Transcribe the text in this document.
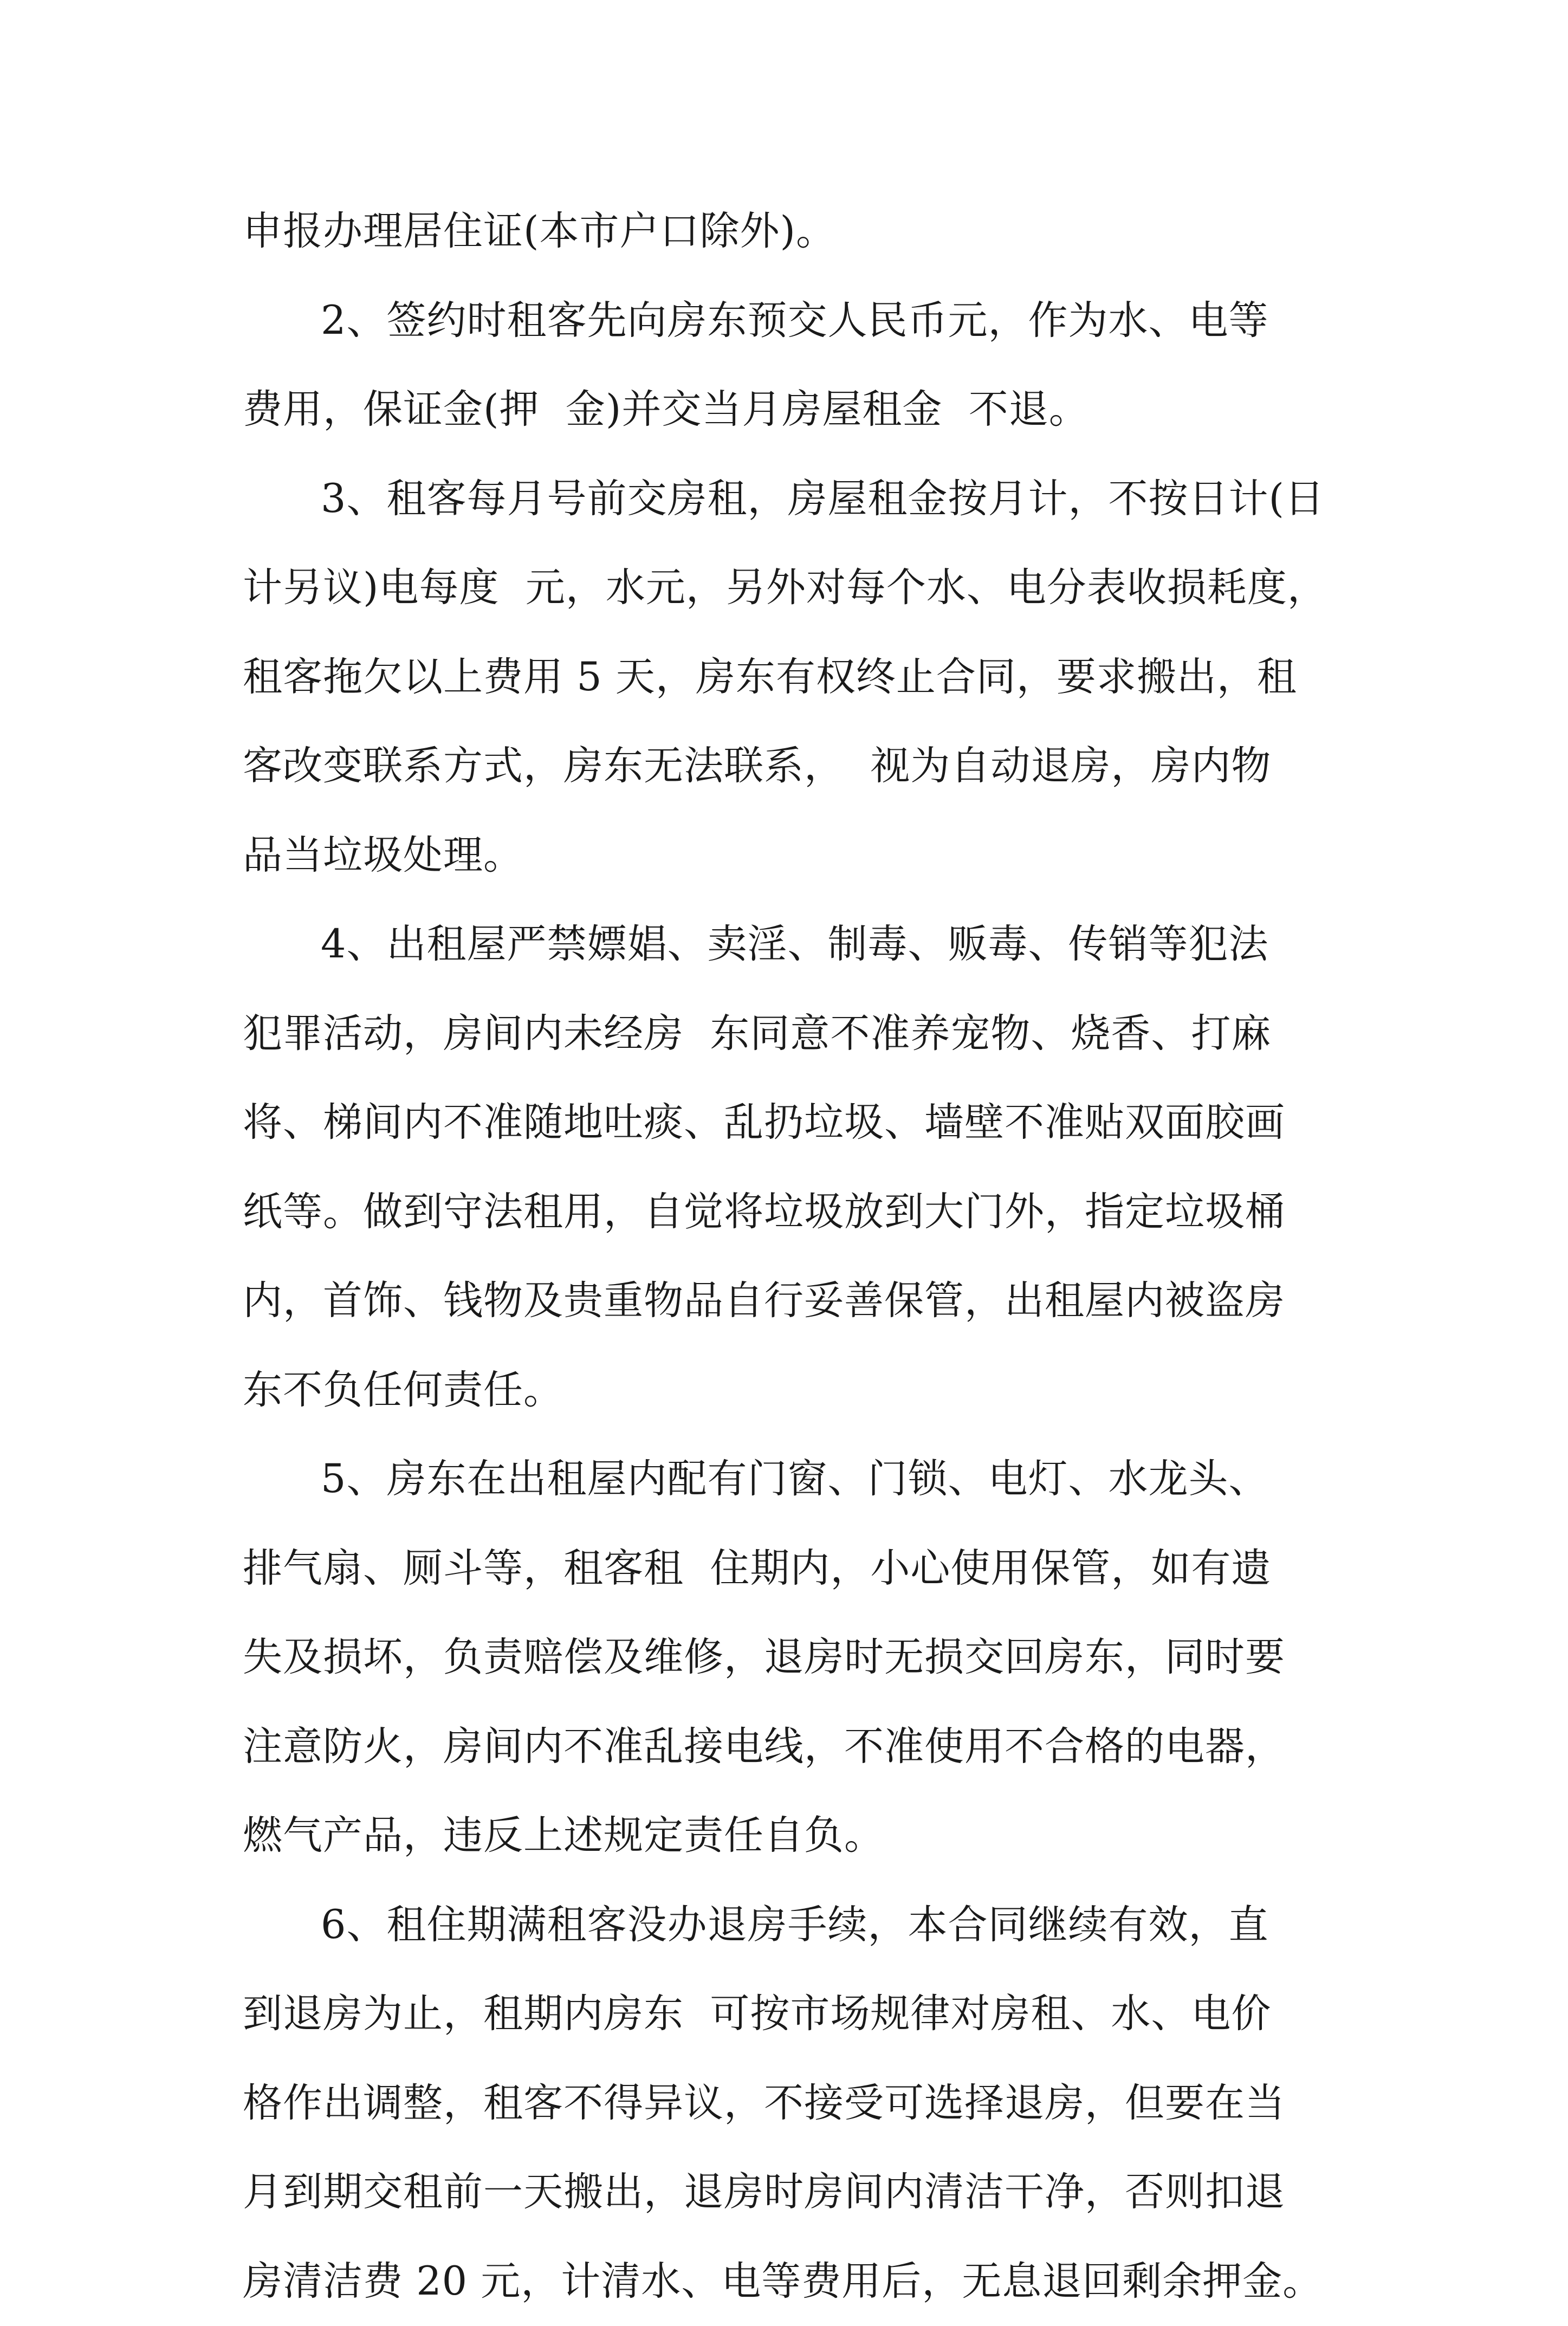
申报办理居住证(本市户口除外)。
2、签约时租客先向房东预交人民币元，作为水、电等
费用，保证金(押  金)并交当月房屋租金  不退。
3、租客每月号前交房租，房屋租金按月计，不按日计(日
计另议)电每度  元，水元，另外对每个水、电分表收损耗度，
租客拖欠以上费用 5 天，房东有权终止合同，要求搬出，租
客改变联系方式，房东无法联系，  视为自动退房，房内物
品当垃圾处理。
4、出租屋严禁嫖娼、卖淫、制毒、贩毒、传销等犯法
犯罪活动，房间内未经房  东同意不准养宠物、烧香、打麻
将、梯间内不准随地吐痰、乱扔垃圾、墙壁不准贴双面胶画
纸等。做到守法租用，自觉将垃圾放到大门外，指定垃圾桶
内，首饰、钱物及贵重物品自行妥善保管，出租屋内被盗房
东不负任何责任。
5、房东在出租屋内配有门窗、门锁、电灯、水龙头、
排气扇、厕斗等，租客租  住期内，小心使用保管，如有遗
失及损坏，负责赔偿及维修，退房时无损交回房东，同时要
注意防火，房间内不准乱接电线，不准使用不合格的电器，
燃气产品，违反上述规定责任自负。
6、租住期满租客没办退房手续，本合同继续有效，直
到退房为止，租期内房东  可按市场规律对房租、水、电价
格作出调整，租客不得异议，不接受可选择退房，但要在当
月到期交租前一天搬出，退房时房间内清洁干净，否则扣退
房清洁费 20 元，计清水、电等费用后，无息退回剩余押金。
